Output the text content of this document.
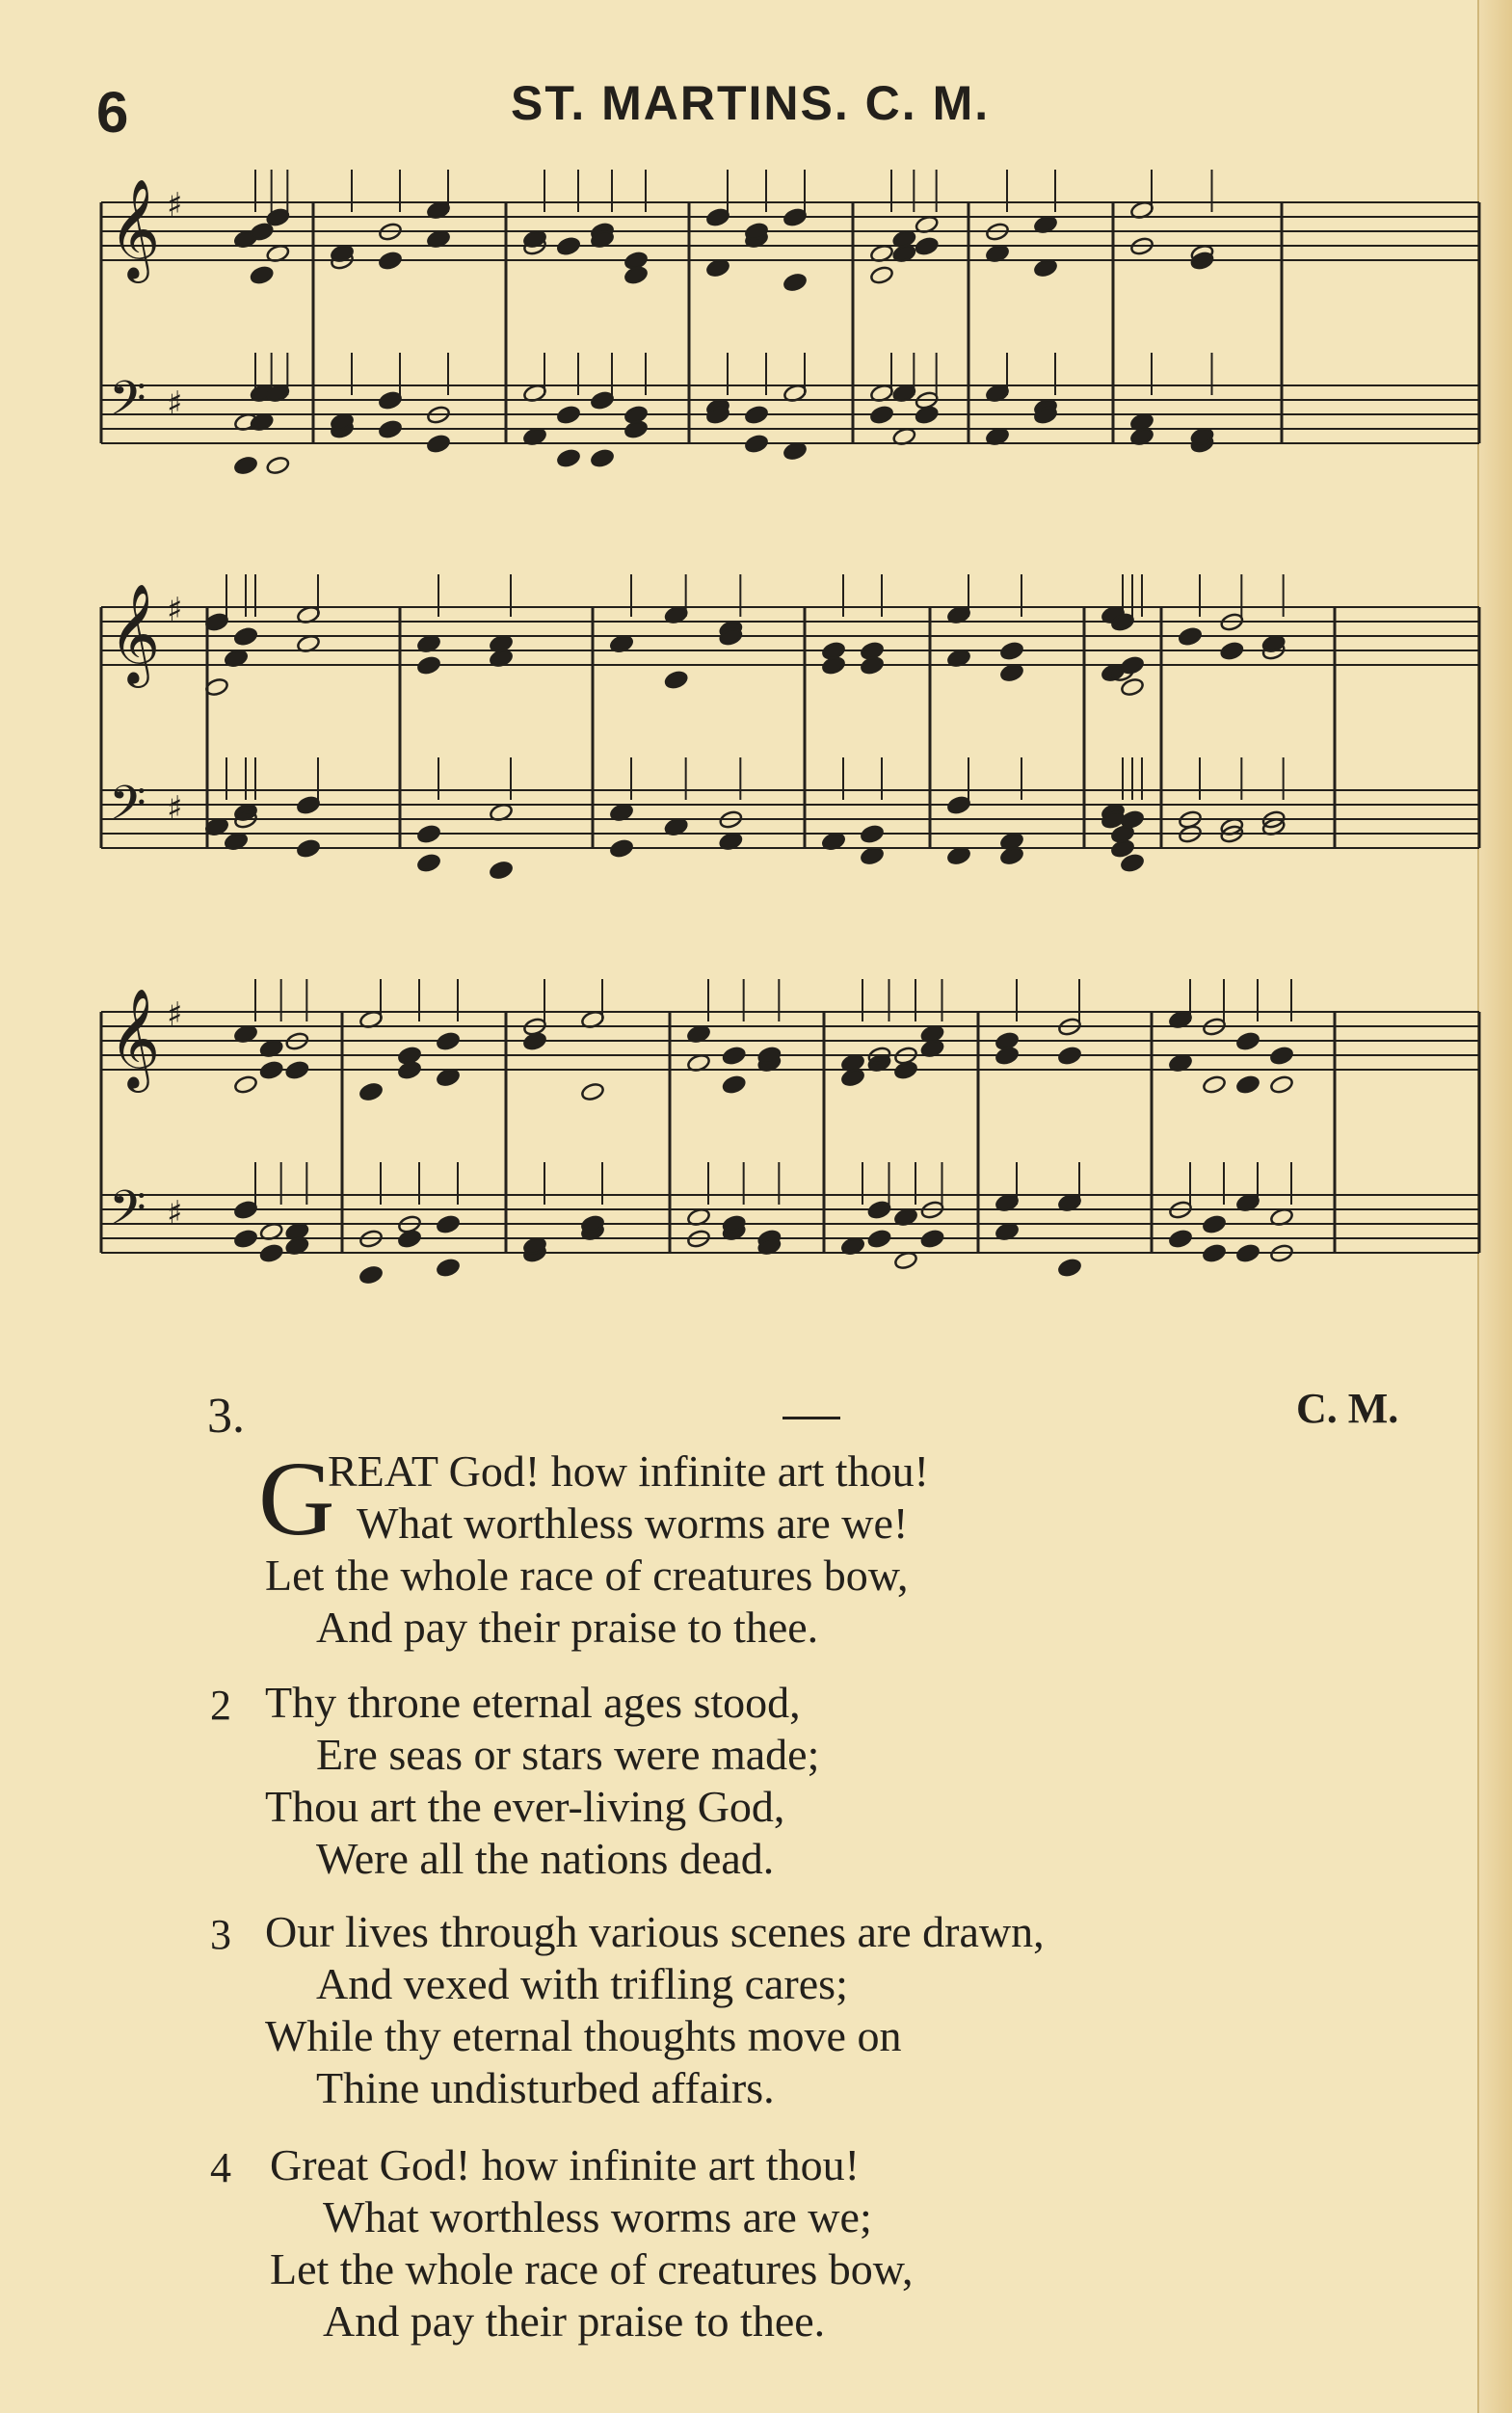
6	ST. MARTINS. C. M.
𝄞 ♯
𝄢 ♯
𝄞 ♯
𝄢 ♯
𝄞 ♯
𝄢 ♯
3.	C. M.
G
REAT God! how infinite art thou!
What worthless worms are we!
Let the whole race of creatures bow,
And pay their praise to thee.
2 Thy throne eternal ages stood,
Ere seas or stars were made;
Thou art the ever-living God,
Were all the nations dead.
3 Our lives through various scenes are drawn,
And vexed with trifling cares;
While thy eternal thoughts move on
Thine undisturbed affairs.
4 Great God! how infinite art thou!
What worthless worms are we;
Let the whole race of creatures bow,
And pay their praise to thee.
